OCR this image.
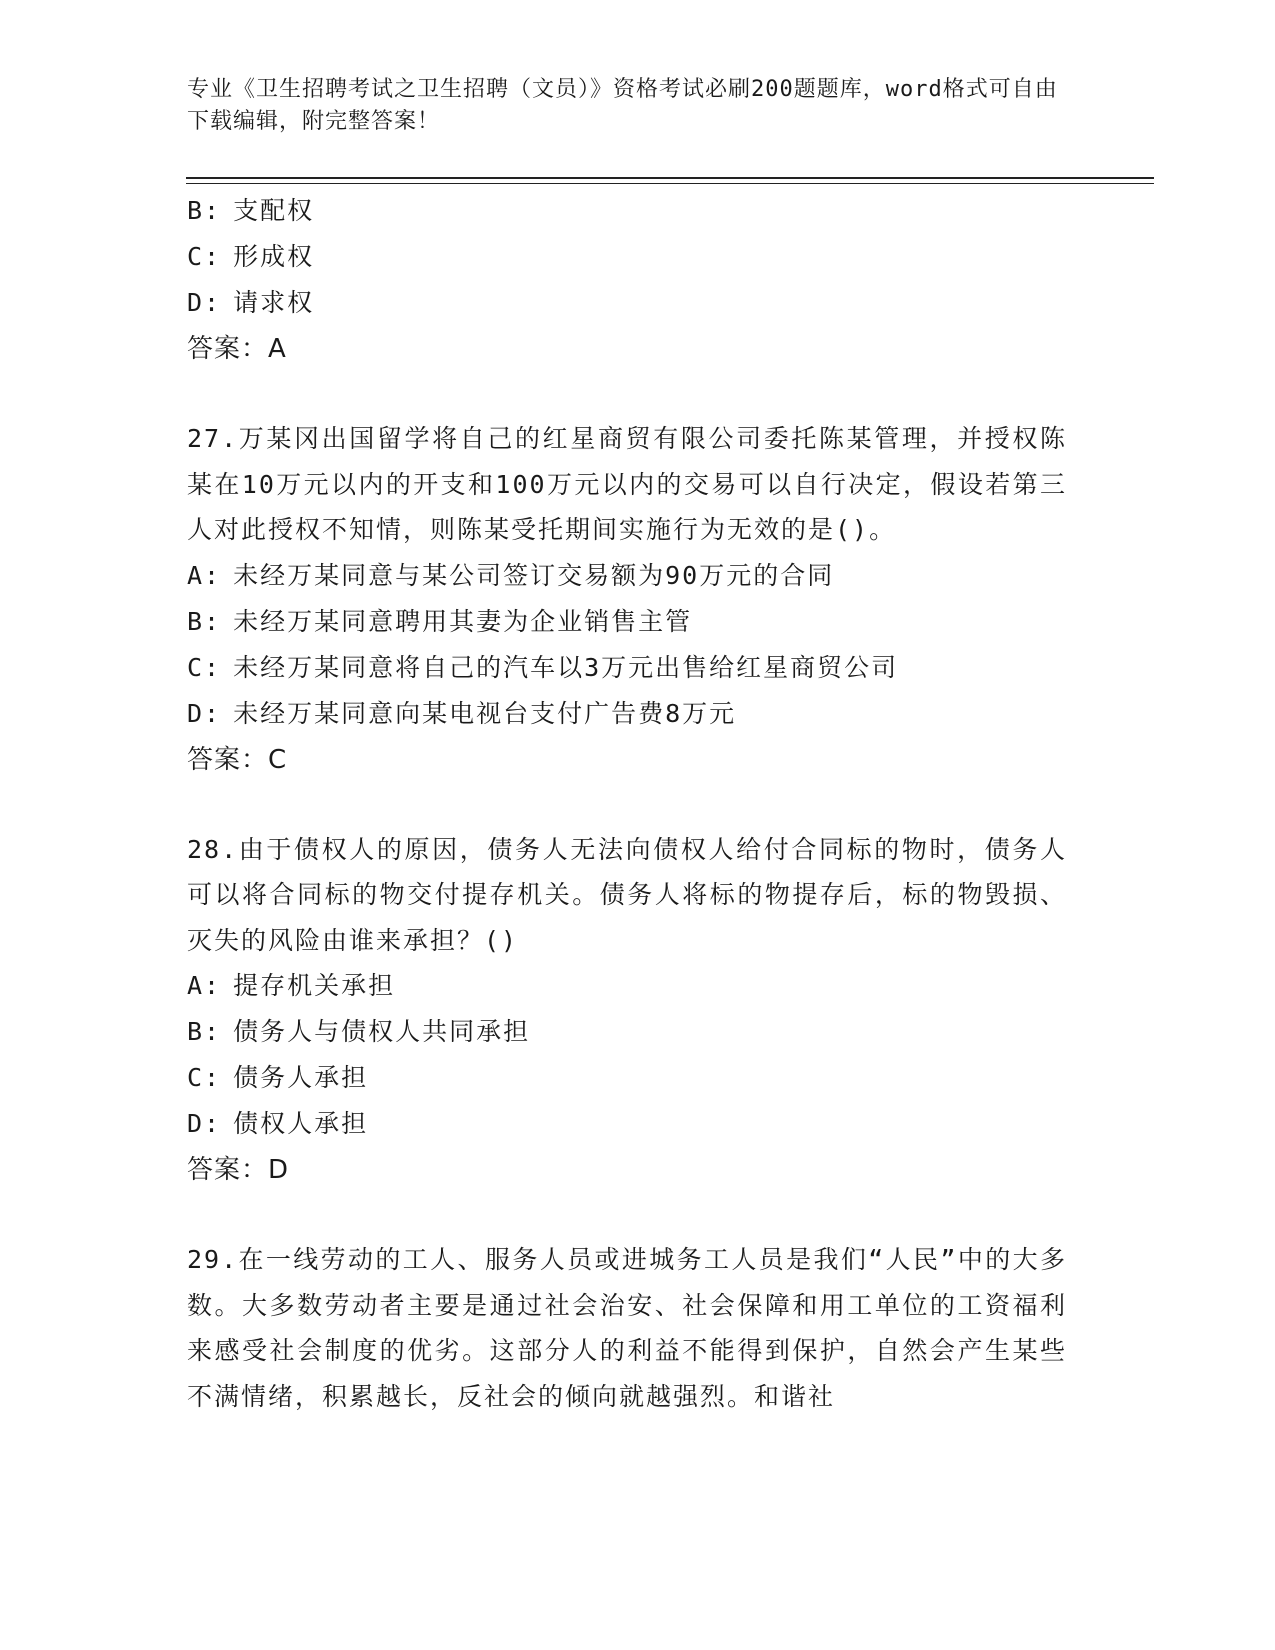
专业《卫生招聘考试之卫生招聘（文员）》资格考试必刷200题题库，word格式可自由下载编辑，附完整答案！
B: 支配权
C: 形成权
D: 请求权
答案：A
27.万某冈出国留学将自己的红星商贸有限公司委托陈某管理，并授权陈某在10万元以内的开支和100万元以内的交易可以自行决定，假设若第三人对此授权不知情，则陈某受托期间实施行为无效的是()。
A: 未经万某同意与某公司签订交易额为90万元的合同
B: 未经万某同意聘用其妻为企业销售主管
C: 未经万某同意将自己的汽车以3万元出售给红星商贸公司
D: 未经万某同意向某电视台支付广告费8万元
答案：C
28.由于债权人的原因，债务人无法向债权人给付合同标的物时，债务人可以将合同标的物交付提存机关。债务人将标的物提存后，标的物毁损、灭失的风险由谁来承担？()
A: 提存机关承担
B: 债务人与债权人共同承担
C: 债务人承担
D: 债权人承担
答案：D
29.在一线劳动的工人、服务人员或进城务工人员是我们“人民”中的大多数。大多数劳动者主要是通过社会治安、社会保障和用工单位的工资福利来感受社会制度的优劣。这部分人的利益不能得到保护，自然会产生某些不满情绪，积累越长，反社会的倾向就越强烈。和谐社
